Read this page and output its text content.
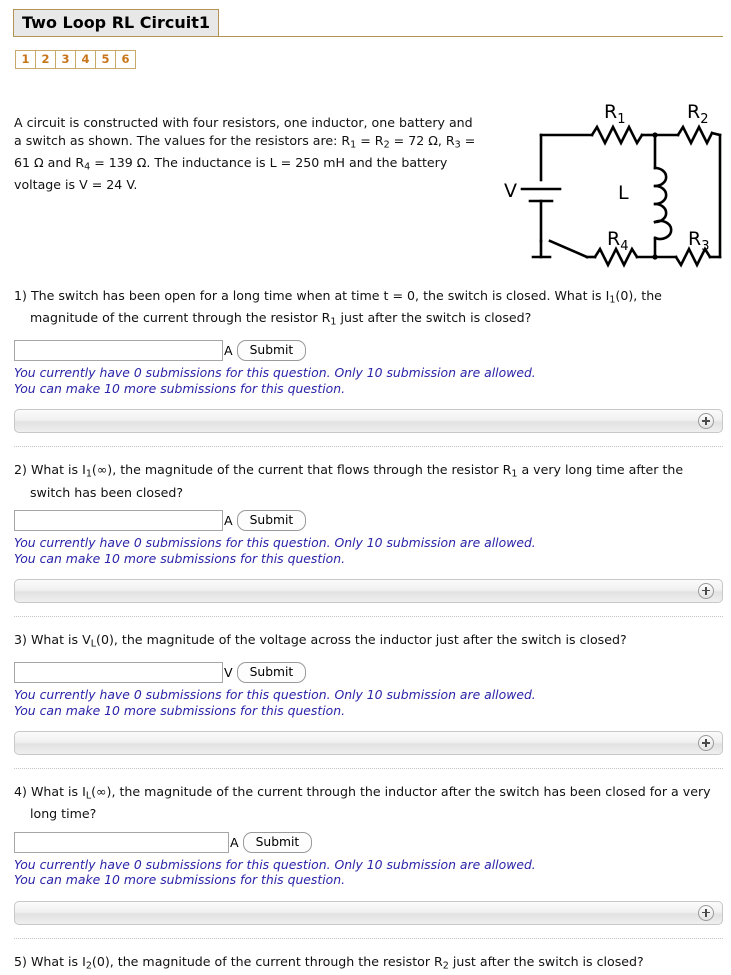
Two Loop RL Circuit1
1	2	3	4	5	6
A circuit is constructed with four resistors, one inductor, one battery and a switch as shown. The values for the resistors are: $R_1 = R_2 = 72$ Ω, $R_3 = 61$ Ω and $R_4 = 139$ Ω. The inductance is L = 250 mH and the battery voltage is V = 24 V.	V	L
$R_1$	$R_2$
$R_3$
$R_4$

1) The switch has been open for a long time when at time t = 0, the switch is closed. What is $I_1(0)$, the magnitude of the current through the resistor $R_1$ just after the switch is closed?

A	Submit
You currently have 0 submissions for this question. Only 10 submission are allowed.
You can make 10 more submissions for this question.

2) What is $I_1(\infty)$, the magnitude of the current that flows through the resistor $R_1$ a very long time after the switch has been closed?

A	Submit
You currently have 0 submissions for this question. Only 10 submission are allowed.
You can make 10 more submissions for this question.

3) What is $V_L(0)$, the magnitude of the voltage across the inductor just after the switch is closed?

V	Submit
You currently have 0 submissions for this question. Only 10 submission are allowed.
You can make 10 more submissions for this question.

4) What is $I_L(\infty)$, the magnitude of the current through the inductor after the switch has been closed for a very long time?

A	Submit
You currently have 0 submissions for this question. Only 10 submission are allowed.
You can make 10 more submissions for this question.

5) What is $I_2(0)$, the magnitude of the current through the resistor $R_2$ just after the switch is closed?
